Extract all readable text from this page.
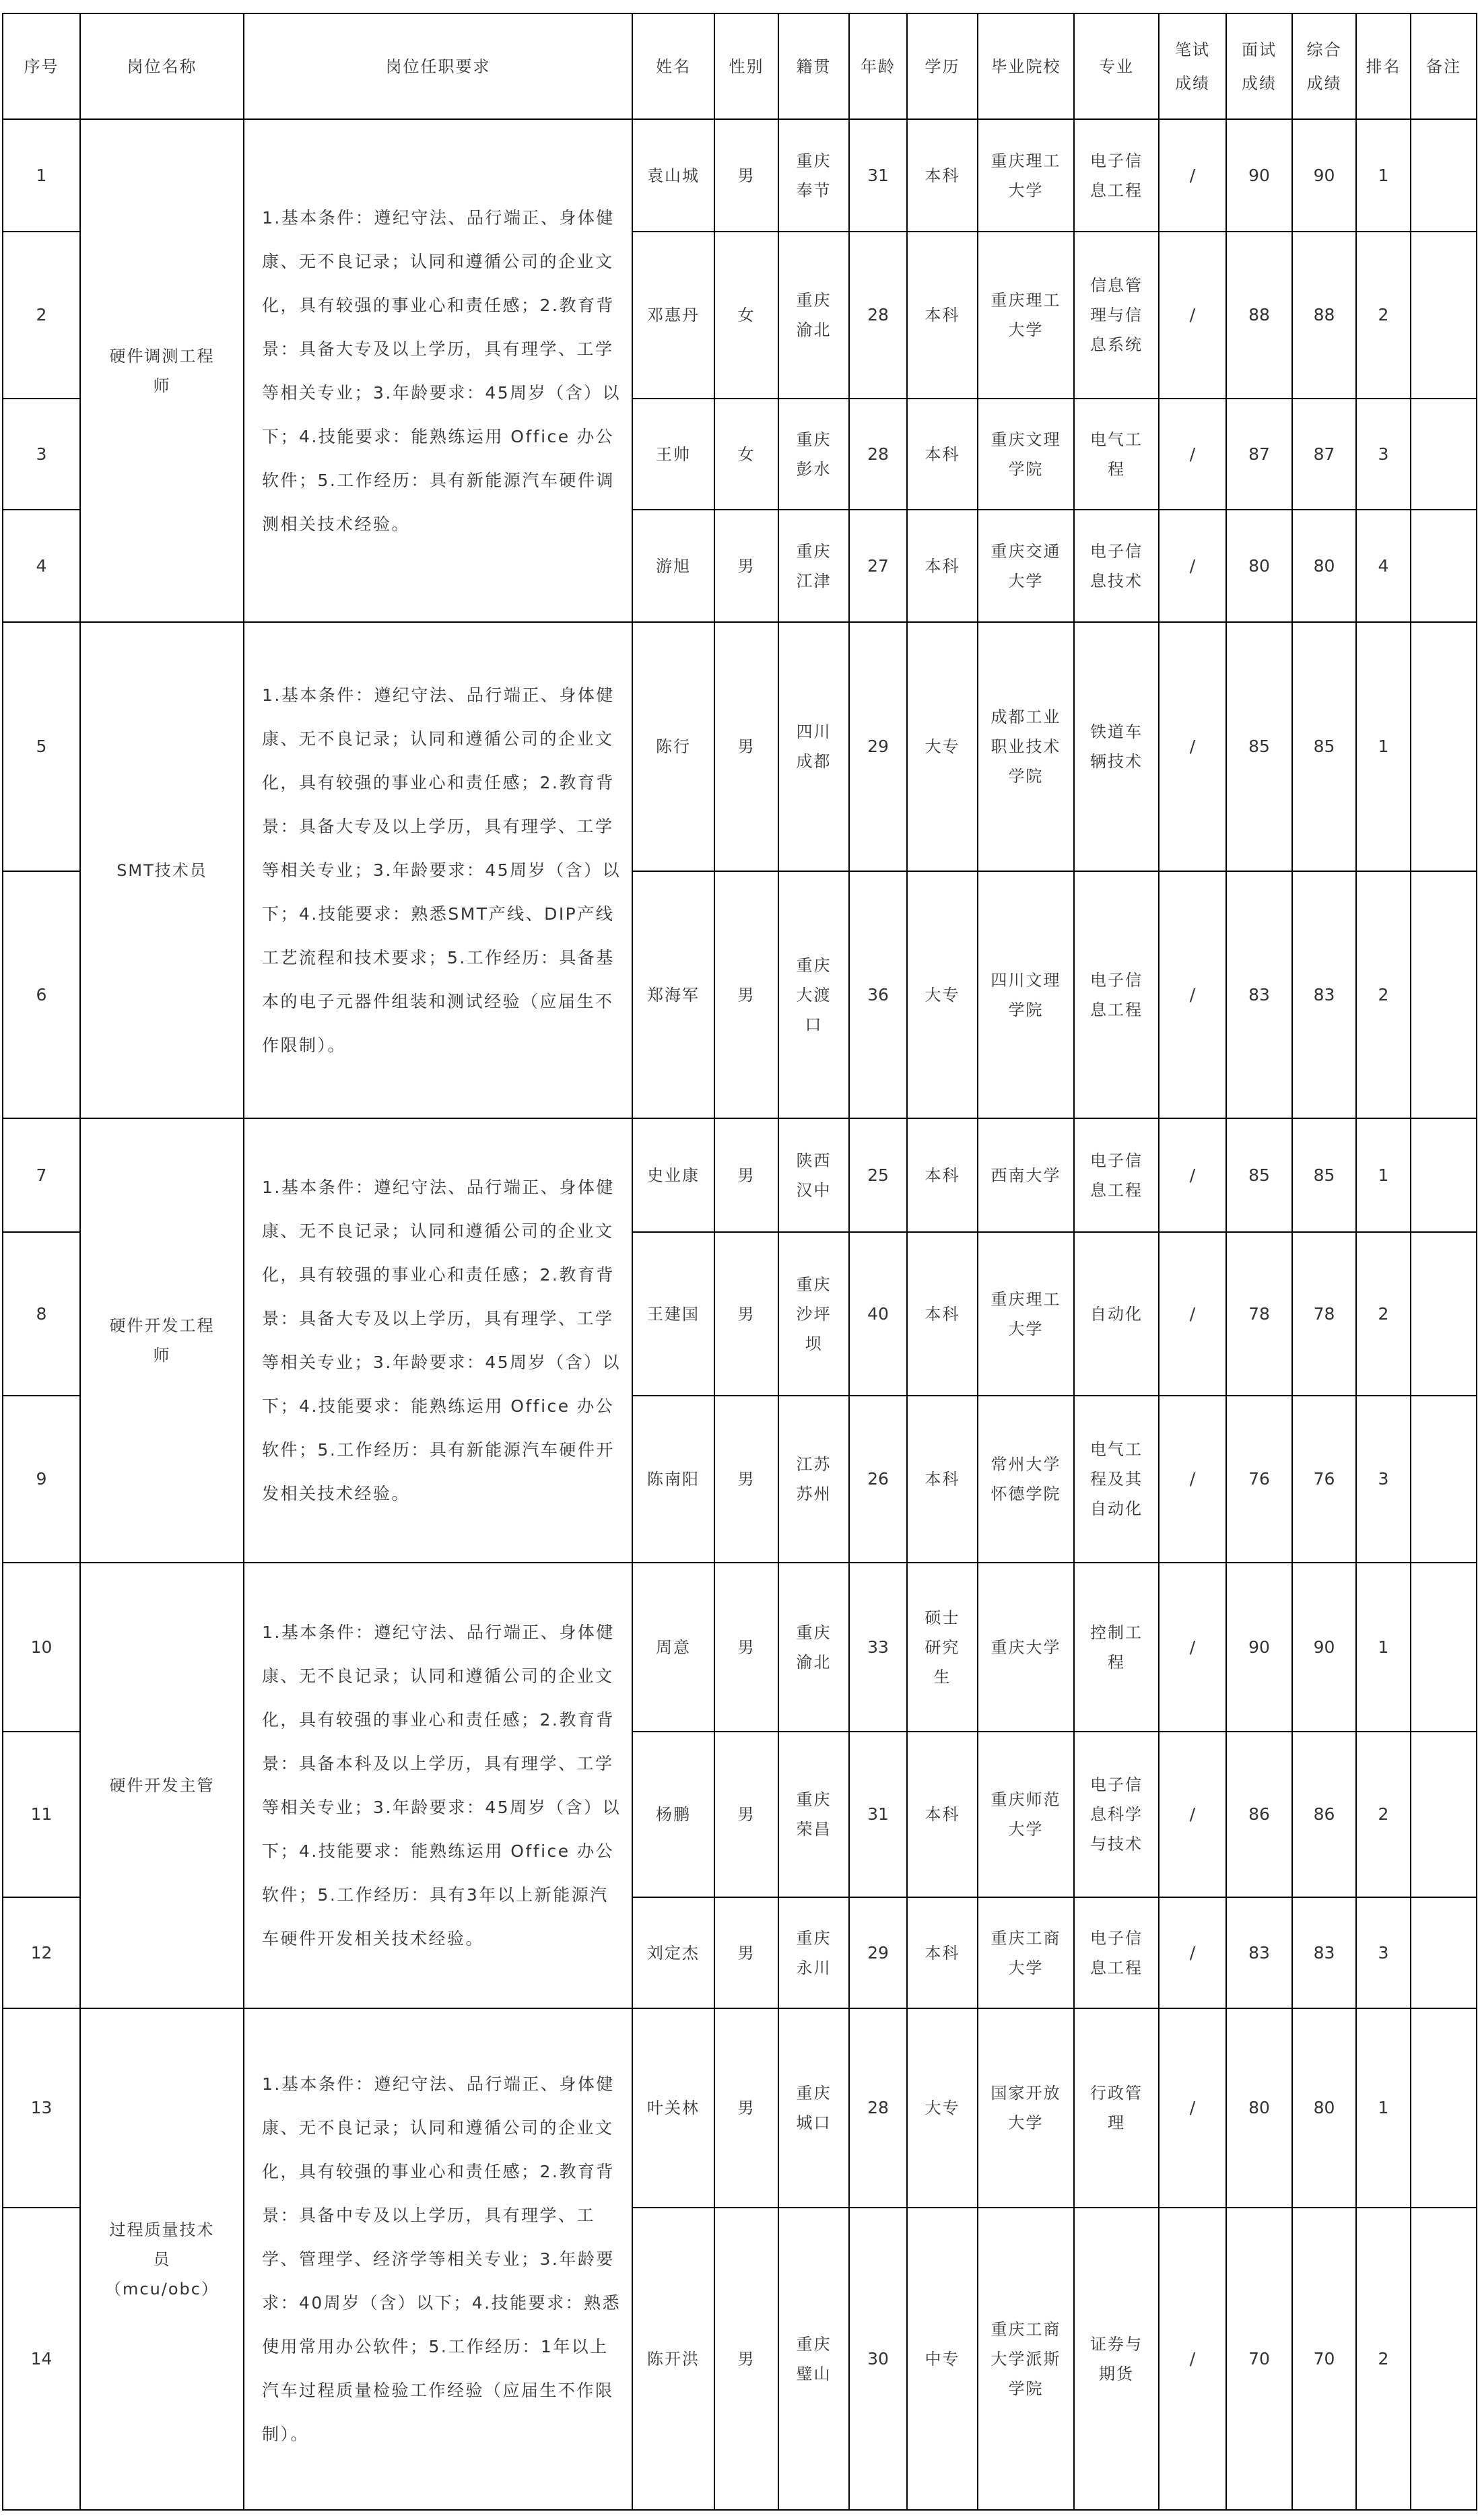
序号	岗位名称	岗位任职要求	姓名	性别	籍贯	年龄	学历	毕业院校	专业	笔试成绩	面试成绩	综合成绩	排名	备注

1	硬件调测工程师	1.基本条件：遵纪守法、品行端正、身体健康、无不良记录；认同和遵循公司的企业文化，具有较强的事业心和责任感；2.教育背景：具备大专及以上学历，具有理学、工学等相关专业；3.年龄要求：45周岁（含）以下；4.技能要求：能熟练运用 Office 办公软件；5.工作经历：具有新能源汽车硬件调测相关技术经验。	袁山城	男	重庆奉节	31	本科	重庆理工大学	电子信息工程	/	90	90	1	

2			邓惠丹	女	重庆渝北	28	本科	重庆理工大学	信息管理与信息系统	/	88	88	2	

3			王帅	女	重庆彭水	28	本科	重庆文理学院	电气工程	/	87	87	3	

4			游旭	男	重庆江津	27	本科	重庆交通大学	电子信息技术	/	80	80	4	

5	SMT技术员	1.基本条件：遵纪守法、品行端正、身体健康、无不良记录；认同和遵循公司的企业文化，具有较强的事业心和责任感；2.教育背景：具备大专及以上学历，具有理学、工学等相关专业；3.年龄要求：45周岁（含）以下；4.技能要求：熟悉SMT产线、DIP产线工艺流程和技术要求；5.工作经历：具备基本的电子元器件组装和测试经验（应届生不作限制）。	陈行	男	四川成都	29	大专	成都工业职业技术学院	铁道车辆技术	/	85	85	1	

6			郑海军	男	重庆大渡口	36	大专	四川文理学院	电子信息工程	/	83	83	2	

7	硬件开发工程师	1.基本条件：遵纪守法、品行端正、身体健康、无不良记录；认同和遵循公司的企业文化，具有较强的事业心和责任感；2.教育背景：具备大专及以上学历，具有理学、工学等相关专业；3.年龄要求：45周岁（含）以下；4.技能要求：能熟练运用 Office 办公软件；5.工作经历：具有新能源汽车硬件开发相关技术经验。	史业康	男	陕西汉中	25	本科	西南大学	电子信息工程	/	85	85	1	

8			王建国	男	重庆沙坪坝	40	本科	重庆理工大学	自动化	/	78	78	2	

9			陈南阳	男	江苏苏州	26	本科	常州大学怀德学院	电气工程及其自动化	/	76	76	3	

10	硬件开发主管	1.基本条件：遵纪守法、品行端正、身体健康、无不良记录；认同和遵循公司的企业文化，具有较强的事业心和责任感；2.教育背景：具备本科及以上学历，具有理学、工学等相关专业；3.年龄要求：45周岁（含）以下；4.技能要求：能熟练运用 Office 办公软件；5.工作经历：具有3年以上新能源汽车硬件开发相关技术经验。	周意	男	重庆渝北	33	硕士研究生	重庆大学	控制工程	/	90	90	1	

11			杨鹏	男	重庆荣昌	31	本科	重庆师范大学	电子信息科学与技术	/	86	86	2	

12			刘定杰	男	重庆永川	29	本科	重庆工商大学	电子信息工程	/	83	83	3	

13	过程质量技术员（mcu/obc）	1.基本条件：遵纪守法、品行端正、身体健康、无不良记录；认同和遵循公司的企业文化，具有较强的事业心和责任感；2.教育背景：具备中专及以上学历，具有理学、工学、管理学、经济学等相关专业；3.年龄要求：40周岁（含）以下；4.技能要求：熟悉使用常用办公软件；5.工作经历：1年以上汽车过程质量检验工作经验（应届生不作限制）。	叶关林	男	重庆城口	28	大专	国家开放大学	行政管理	/	80	80	1	

14			陈开洪	男	重庆璧山	30	中专	重庆工商大学派斯学院	证券与期货	/	70	70	2	
